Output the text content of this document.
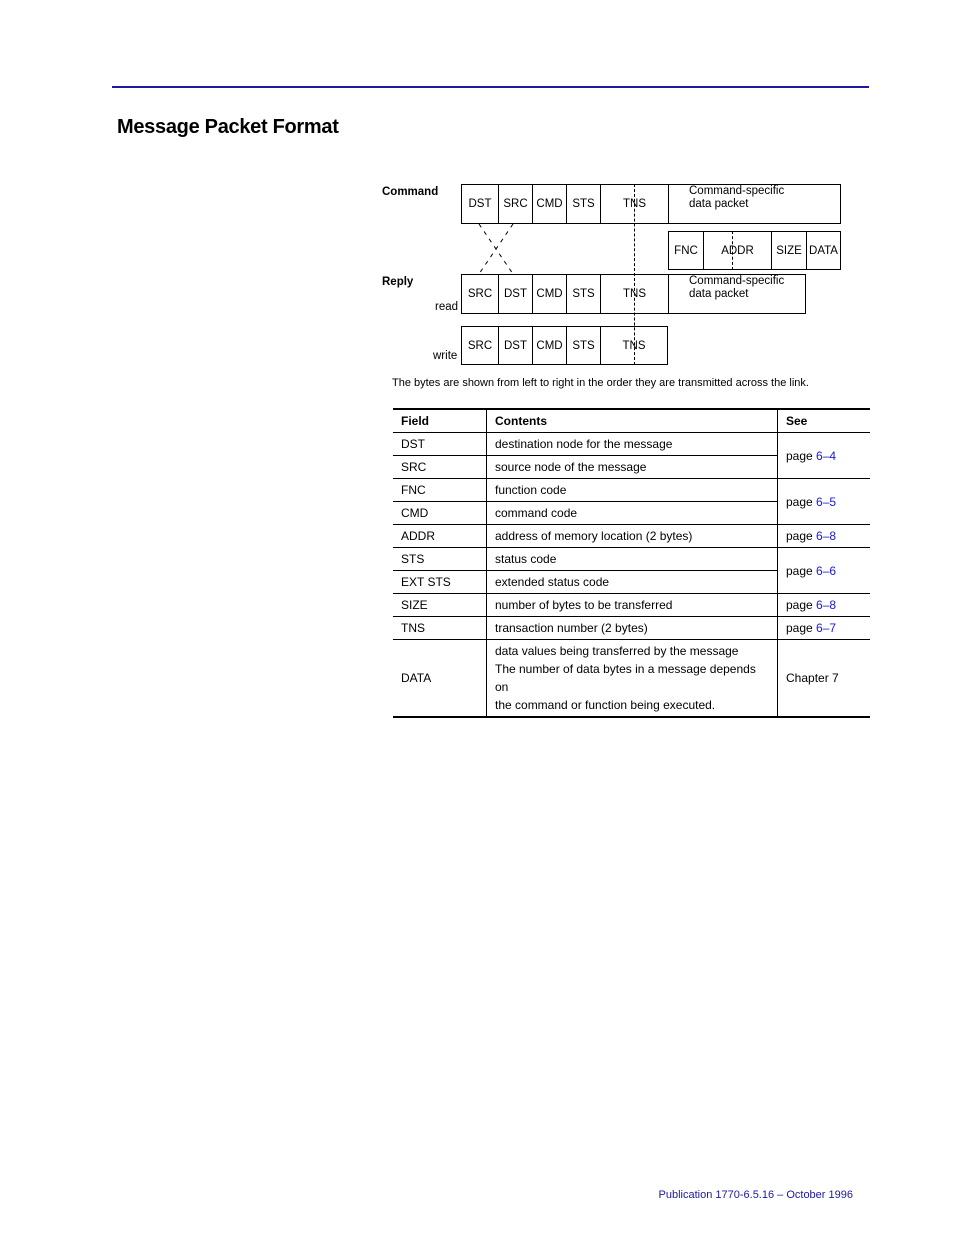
Message Packet Format
Command
Reply
read
write
DST	SRC CMD STS	TNS
Command-specific
data packet
FNC	ADDR	SIZE DATA
SRC	DST CMD STS	TNS
Command-specific
data packet
SRC	DST CMD STS	TNS
The bytes are shown from left to right in the order they are transmitted across the link.
Field	Contents	See
DST	destination node for the message	page 6–4
SRC	source node of the message	
FNC	function code	page 6–5
CMD	command code	
ADDR	address of memory location (2 bytes)	page 6–8
STS	status code	page 6–6
EXT STS	extended status code	
SIZE	number of bytes to be transferred	page 6–8
TNS	transaction number (2 bytes)	page 6–7
DATA	data values being transferred by the message
The number of data bytes in a message depends on
the command or function being executed.	Chapter 7
Publication 1770-6.5.16 – October 1996
